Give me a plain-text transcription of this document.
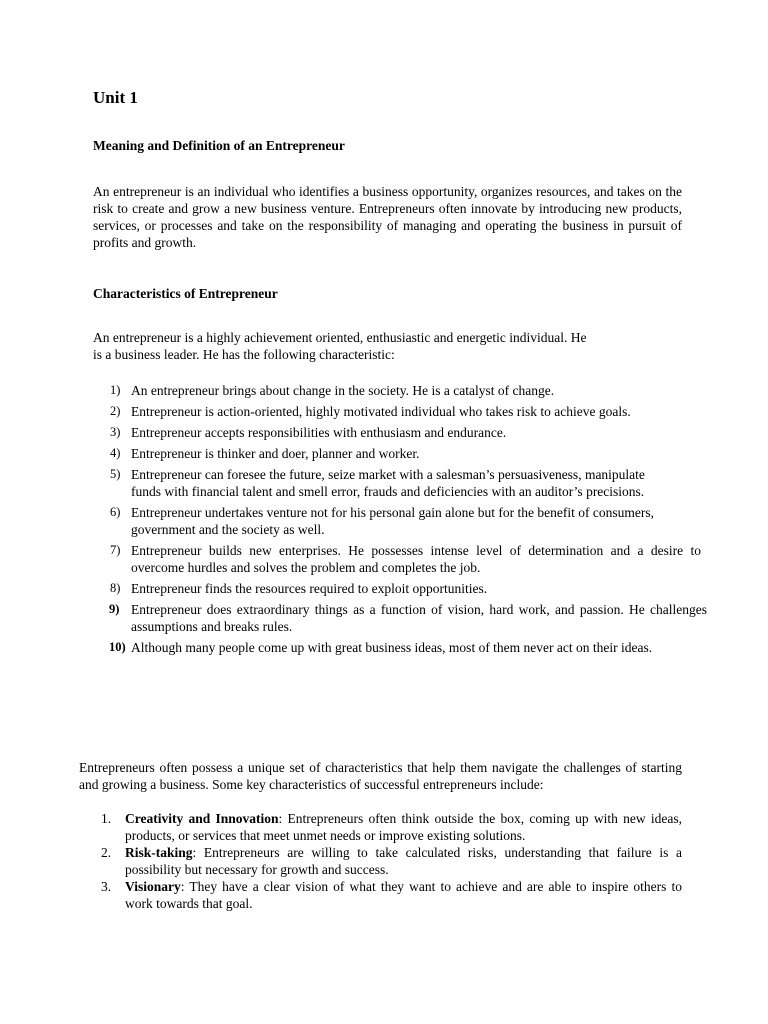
Unit 1
Meaning and Definition of an Entrepreneur
An entrepreneur is an individual who identifies a business opportunity, organizes resources, and takes on the risk to create and grow a new business venture. Entrepreneurs often innovate by introducing new products, services, or processes and take on the responsibility of managing and operating the business in pursuit of profits and growth.
Characteristics of Entrepreneur
An entrepreneur is a highly achievement oriented, enthusiastic and energetic individual. He
is a business leader. He has the following characteristic:
1) An entrepreneur brings about change in the society. He is a catalyst of change.
2) Entrepreneur is action-oriented, highly motivated individual who takes risk to achieve goals.
3) Entrepreneur accepts responsibilities with enthusiasm and endurance.
4) Entrepreneur is thinker and doer, planner and worker.
5) Entrepreneur can foresee the future, seize market with a salesman’s persuasiveness, manipulate
funds with financial talent and smell error, frauds and deficiencies with an auditor’s precisions.
6) Entrepreneur undertakes venture not for his personal gain alone but for the benefit of consumers, government and the society as well.
7) Entrepreneur builds new enterprises. He possesses intense level of determination and a desire to overcome hurdles and solves the problem and completes the job.
8) Entrepreneur finds the resources required to exploit opportunities.
9) Entrepreneur does extraordinary things as a function of vision, hard work, and passion. He challenges assumptions and breaks rules.
10) Although many people come up with great business ideas, most of them never act on their ideas.
Entrepreneurs often possess a unique set of characteristics that help them navigate the challenges of starting and growing a business. Some key characteristics of successful entrepreneurs include:
1. Creativity and Innovation: Entrepreneurs often think outside the box, coming up with new ideas, products, or services that meet unmet needs or improve existing solutions.
2. Risk-taking: Entrepreneurs are willing to take calculated risks, understanding that failure is a possibility but necessary for growth and success.
3. Visionary: They have a clear vision of what they want to achieve and are able to inspire others to work towards that goal.
